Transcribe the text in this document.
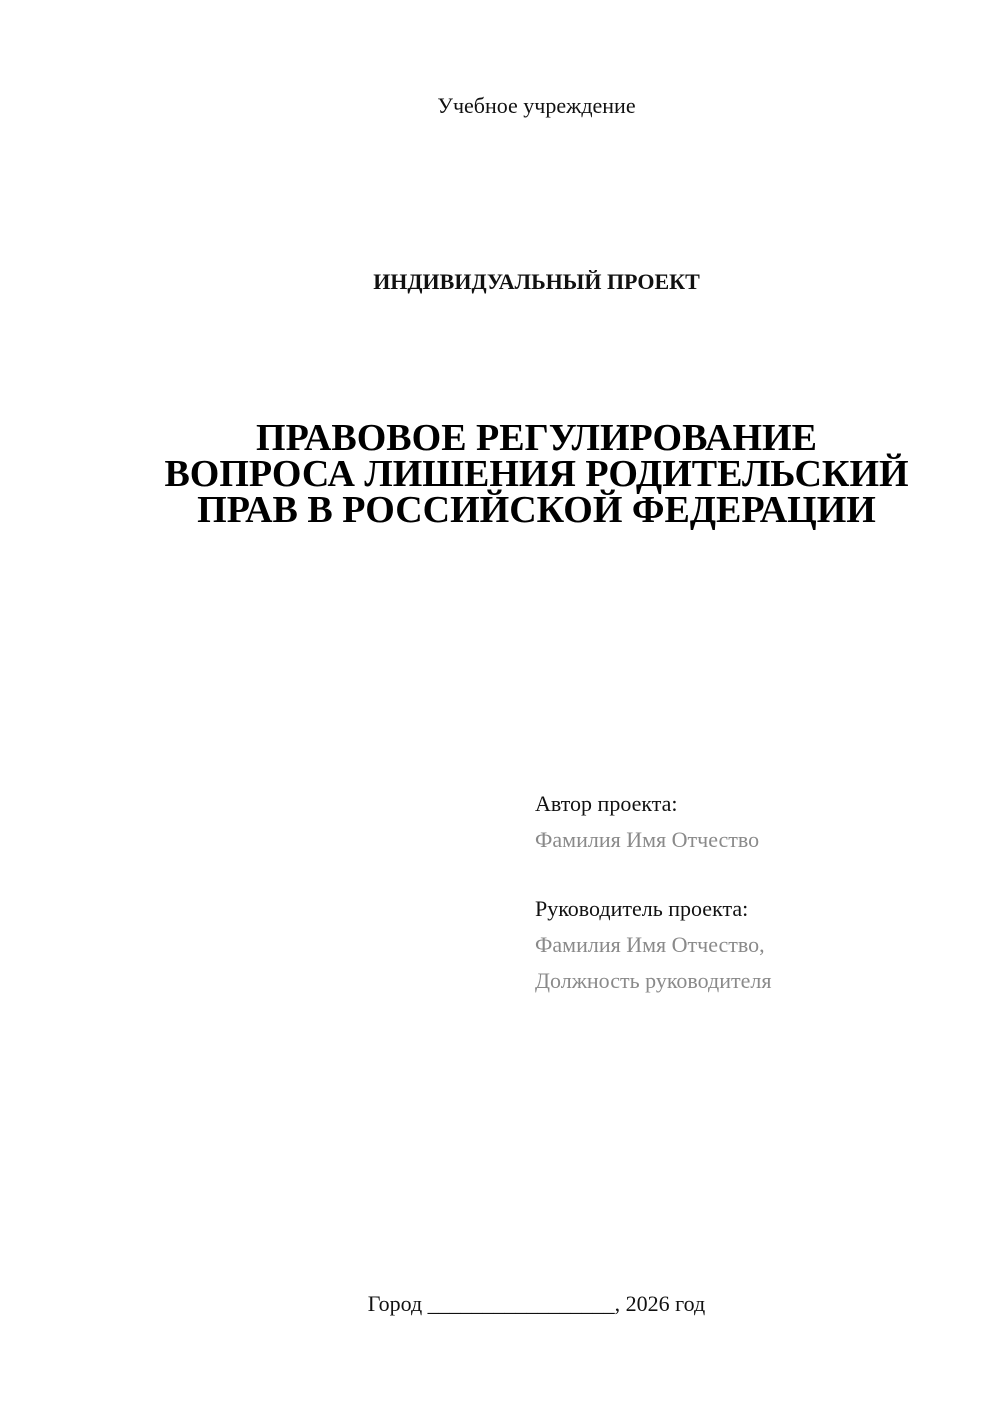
Учебное учреждение
ИНДИВИДУАЛЬНЫЙ ПРОЕКТ
ПРАВОВОЕ РЕГУЛИРОВАНИЕ
ВОПРОСА ЛИШЕНИЯ РОДИТЕЛЬСКИЙ
ПРАВ В РОССИЙСКОЙ ФЕДЕРАЦИИ
Автор проекта:
Фамилия Имя Отчество
Руководитель проекта:
Фамилия Имя Отчество,
Должность руководителя
Город _________________, 2026 год
